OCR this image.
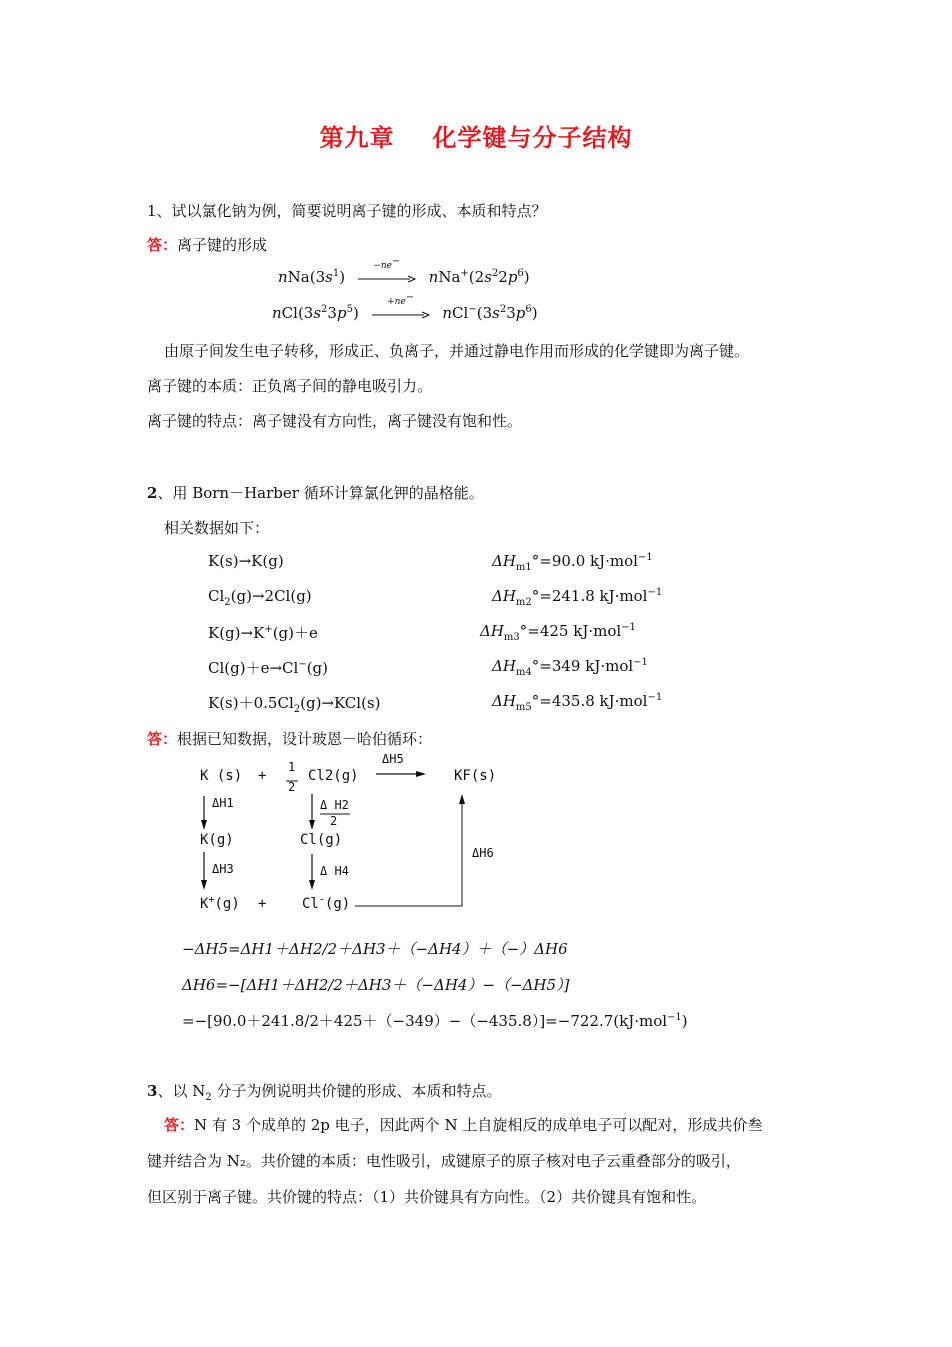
第九章 化学键与分子结构
1、试以氯化钠为例，简要说明离子键的形成、本质和特点？
答：离子键的形成
$nNa(3s^1)$
−ne−
$nNa^+(2s^22p^6)$
$nCl(3s^23p^5)$
+ne−
$nCl^-(3s^23p^6)$
由原子间发生电子转移，形成正、负离子，并通过静电作用而形成的化学键即为离子键。
离子键的本质：正负离子间的静电吸引力。
离子键的特点：离子键没有方向性，离子键没有饱和性。
2、用 Born－Harber 循环计算氯化钾的晶格能。
相关数据如下：
K(s)→K(g)	$\Delta H_{m1}^\circ=90.0$ kJ·mol$^{-1}$
$Cl_2(g)\to 2Cl(g)$	$\Delta H_{m2}^\circ=241.8$ kJ·mol$^{-1}$
K(g)→K+(g)＋e	$\Delta H_{m3}^\circ=425$ kJ·mol$^{-1}$
Cl(g)＋e→Cl−(g)	$\Delta H_{m4}^\circ=349$ kJ·mol$^{-1}$
$K(s)+0.5Cl_2(g)\to KCl(s)$	$\Delta H_{m5}^\circ=435.8$ kJ·mol$^{-1}$
答：根据已知数据，设计玻恩－哈伯循环：
K (s) +
1
2
Cl2(g)
ΔH5
KF(s)
ΔH1	Δ H2
2
K(g)	Cl(g)
ΔH6
ΔH3	Δ H4
K+(g) +	Cl-(g)
−ΔH5=ΔH1＋ΔH2/2＋ΔH3＋（−ΔH4）＋（−）ΔH6
ΔH6=−[ΔH1＋ΔH2/2＋ΔH3＋（−ΔH4）−（−ΔH5）]
=−[90.0＋241.8/2＋425＋（−349）−（−435.8）]=−722.7(kJ·mol$^{-1}$)
3、以 $N_2$ 分子为例说明共价键的形成、本质和特点。
答：N 有 3 个成单的 2p 电子，因此两个 N 上自旋相反的成单电子可以配对，形成共价叁
键并结合为 N₂。共价键的本质：电性吸引，成键原子的原子核对电子云重叠部分的吸引，
但区别于离子键。共价键的特点：（1）共价键具有方向性。（2）共价键具有饱和性。
